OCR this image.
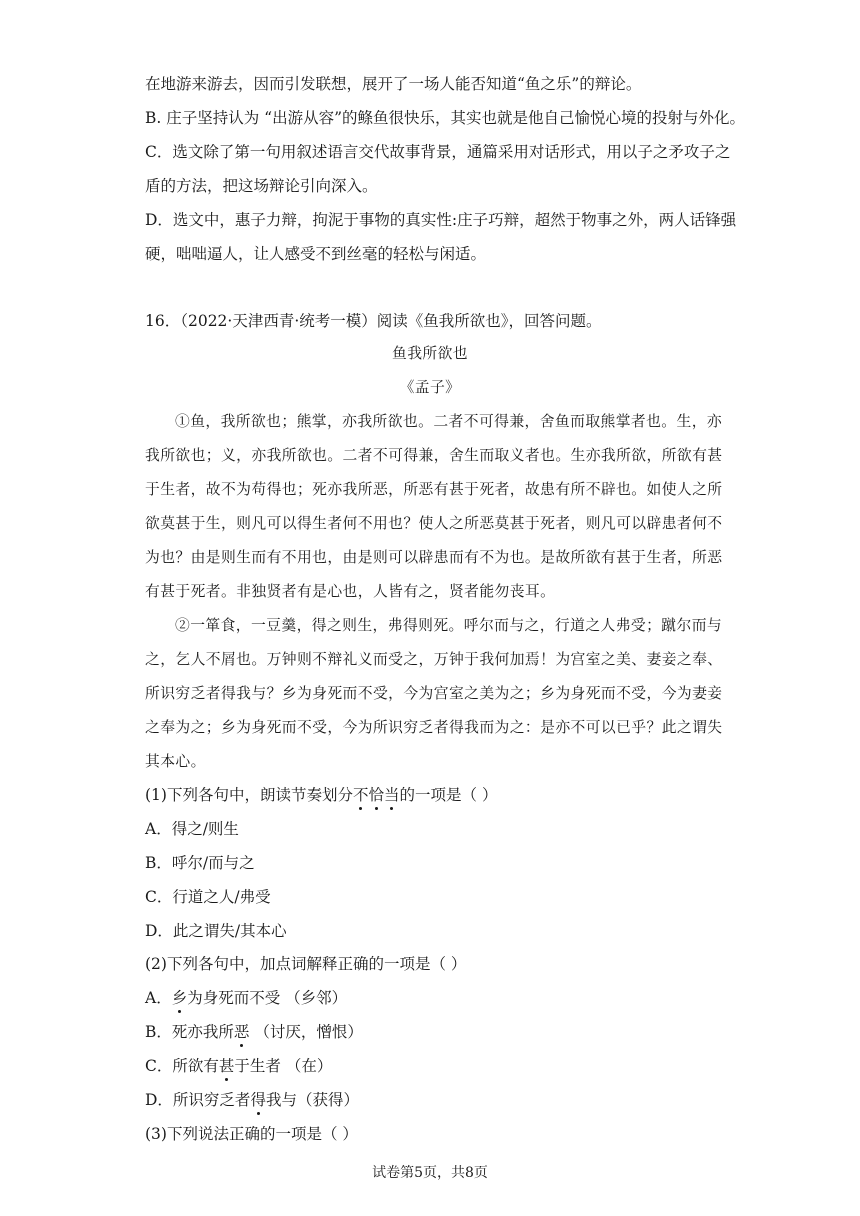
在地游来游去，因而引发联想，展开了一场人能否知道“鱼之乐”的辩论。
B. 庄子坚持认为 “出游从容”的鲦鱼很快乐，其实也就是他自己愉悦心境的投射与外化。
C．选文除了第一句用叙述语言交代故事背景，通篇采用对话形式，用以子之矛攻子之
盾的方法，把这场辩论引向深入。
D．选文中，惠子力辩，拘泥于事物的真实性:庄子巧辩，超然于物事之外，两人话锋强
硬，咄咄逼人，让人感受不到丝毫的轻松与闲适。
16．（2022·天津西青·统考一模）阅读《鱼我所欲也》，回答问题。
鱼我所欲也
《孟子》
①鱼，我所欲也；熊掌，亦我所欲也。二者不可得兼，舍鱼而取熊掌者也。生，亦
我所欲也；义，亦我所欲也。二者不可得兼，舍生而取义者也。生亦我所欲，所欲有甚
于生者，故不为苟得也；死亦我所恶，所恶有甚于死者，故患有所不辟也。如使人之所
欲莫甚于生，则凡可以得生者何不用也？使人之所恶莫甚于死者，则凡可以辟患者何不
为也？由是则生而有不用也，由是则可以辟患而有不为也。是故所欲有甚于生者，所恶
有甚于死者。非独贤者有是心也，人皆有之，贤者能勿丧耳。
②一箪食，一豆羹，得之则生，弗得则死。呼尔而与之，行道之人弗受；蹴尔而与
之，乞人不屑也。万钟则不辩礼义而受之，万钟于我何加焉！为宫室之美、妻妾之奉、
所识穷乏者得我与？乡为身死而不受，今为宫室之美为之；乡为身死而不受，今为妻妾
之奉为之；乡为身死而不受，今为所识穷乏者得我而为之：是亦不可以已乎？此之谓失
其本心。
(1)下列各句中，朗读节奏划分不恰当的一项是（ ）
A．得之/则生
B．呼尔/而与之
C．行道之人/弗受
D．此之谓失/其本心
(2)下列各句中，加点词解释正确的一项是（ ）
A．乡为身死而不受 （乡邻）
B．死亦我所恶 （讨厌，憎恨）
C．所欲有甚于生者 （在）
D．所识穷乏者得我与（获得）
(3)下列说法正确的一项是（ ）
试卷第5页，共8页
